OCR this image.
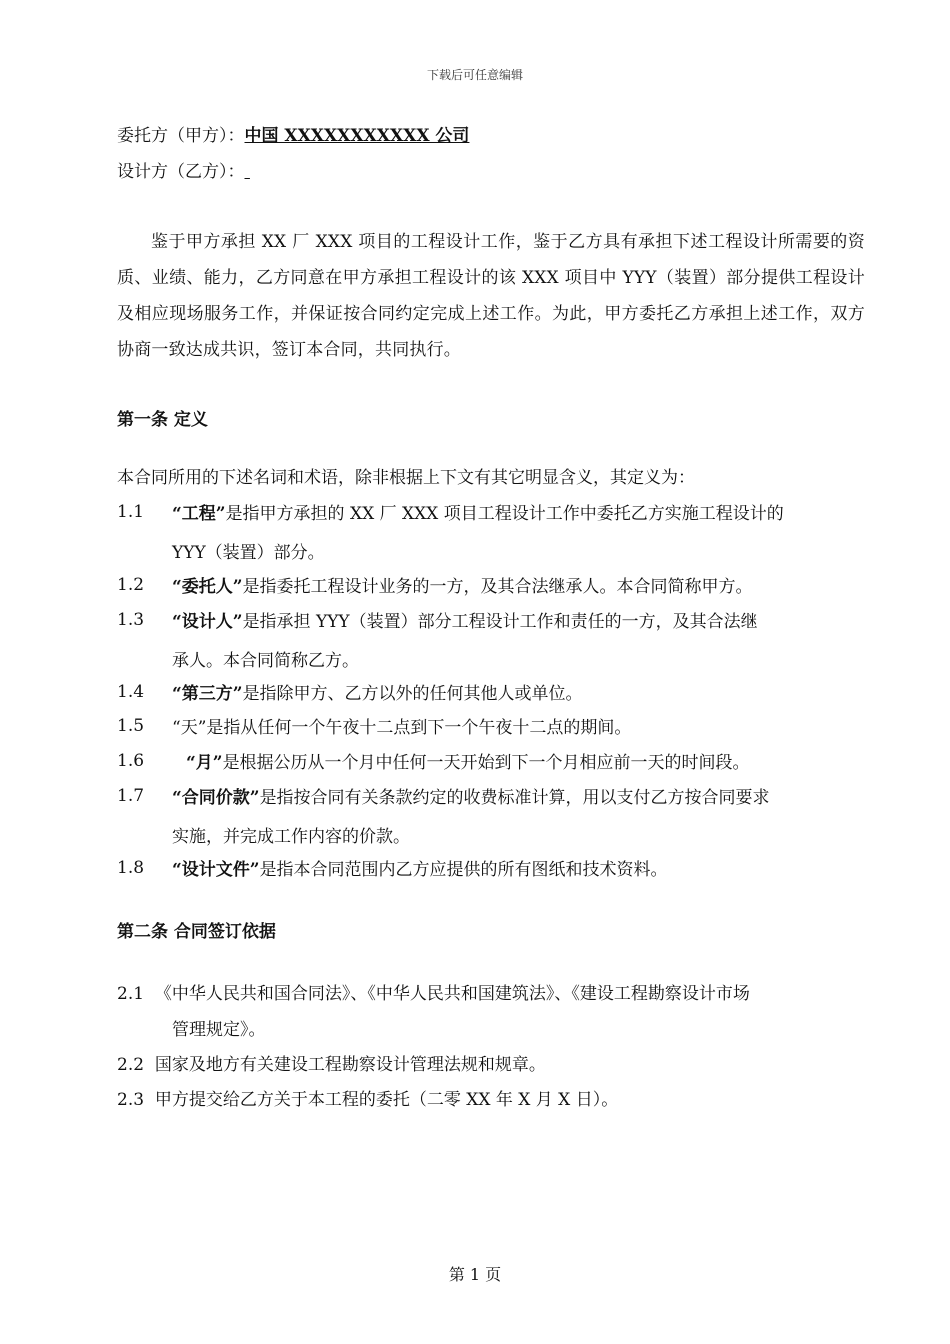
下载后可任意编辑
委托方（甲方）：中国 XXXXXXXXXXX 公司
设计方（乙方）：
鉴于甲方承担 XX 厂 XXX 项目的工程设计工作，鉴于乙方具有承担下述工程设计所需要的资质、业绩、能力，乙方同意在甲方承担工程设计的该 XXX 项目中 YYY（装置）部分提供工程设计及相应现场服务工作，并保证按合同约定完成上述工作。为此，甲方委托乙方承担上述工作，双方协商一致达成共识，签订本合同，共同执行。
第一条 定义
本合同所用的下述名词和术语，除非根据上下文有其它明显含义，其定义为：
1.1 “工程”是指甲方承担的 XX 厂 XXX 项目工程设计工作中委托乙方实施工程设计的
YYY（装置）部分。
1.2 “委托人”是指委托工程设计业务的一方，及其合法继承人。本合同简称甲方。
1.3 “设计人”是指承担 YYY（装置）部分工程设计工作和责任的一方，及其合法继
承人。本合同简称乙方。
1.4 “第三方”是指除甲方、乙方以外的任何其他人或单位。
1.5 “天”是指从任何一个午夜十二点到下一个午夜十二点的期间。
1.6 “月”是根据公历从一个月中任何一天开始到下一个月相应前一天的时间段。
1.7 “合同价款”是指按合同有关条款约定的收费标准计算，用以支付乙方按合同要求
实施，并完成工作内容的价款。
1.8 “设计文件”是指本合同范围内乙方应提供的所有图纸和技术资料。
第二条 合同签订依据
2.1 《中华人民共和国合同法》、《中华人民共和国建筑法》、《建设工程勘察设计市场
管理规定》。
2.2 国家及地方有关建设工程勘察设计管理法规和规章。
2.3 甲方提交给乙方关于本工程的委托（二零 XX 年 X 月 X 日）。
第 1 页
